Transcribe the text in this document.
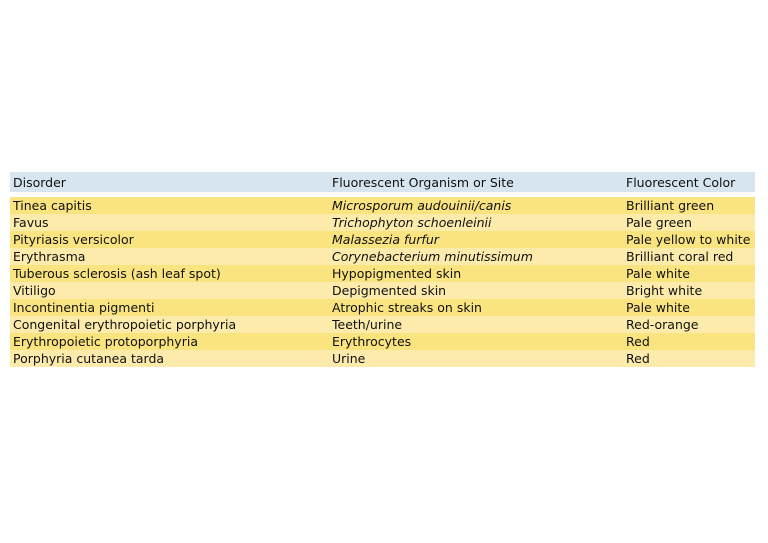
Disorder	Fluorescent Organism or Site	Fluorescent Color
Tinea capitis	Microsporum audouinii/canis	Brilliant green
Favus	Trichophyton schoenleinii	Pale green
Pityriasis versicolor	Malassezia furfur	Pale yellow to white
Erythrasma	Corynebacterium minutissimum	Brilliant coral red
Tuberous sclerosis (ash leaf spot)	Hypopigmented skin	Pale white
Vitiligo	Depigmented skin	Bright white
Incontinentia pigmenti	Atrophic streaks on skin	Pale white
Congenital erythropoietic porphyria	Teeth/urine	Red-orange
Erythropoietic protoporphyria	Erythrocytes	Red
Porphyria cutanea tarda	Urine	Red
